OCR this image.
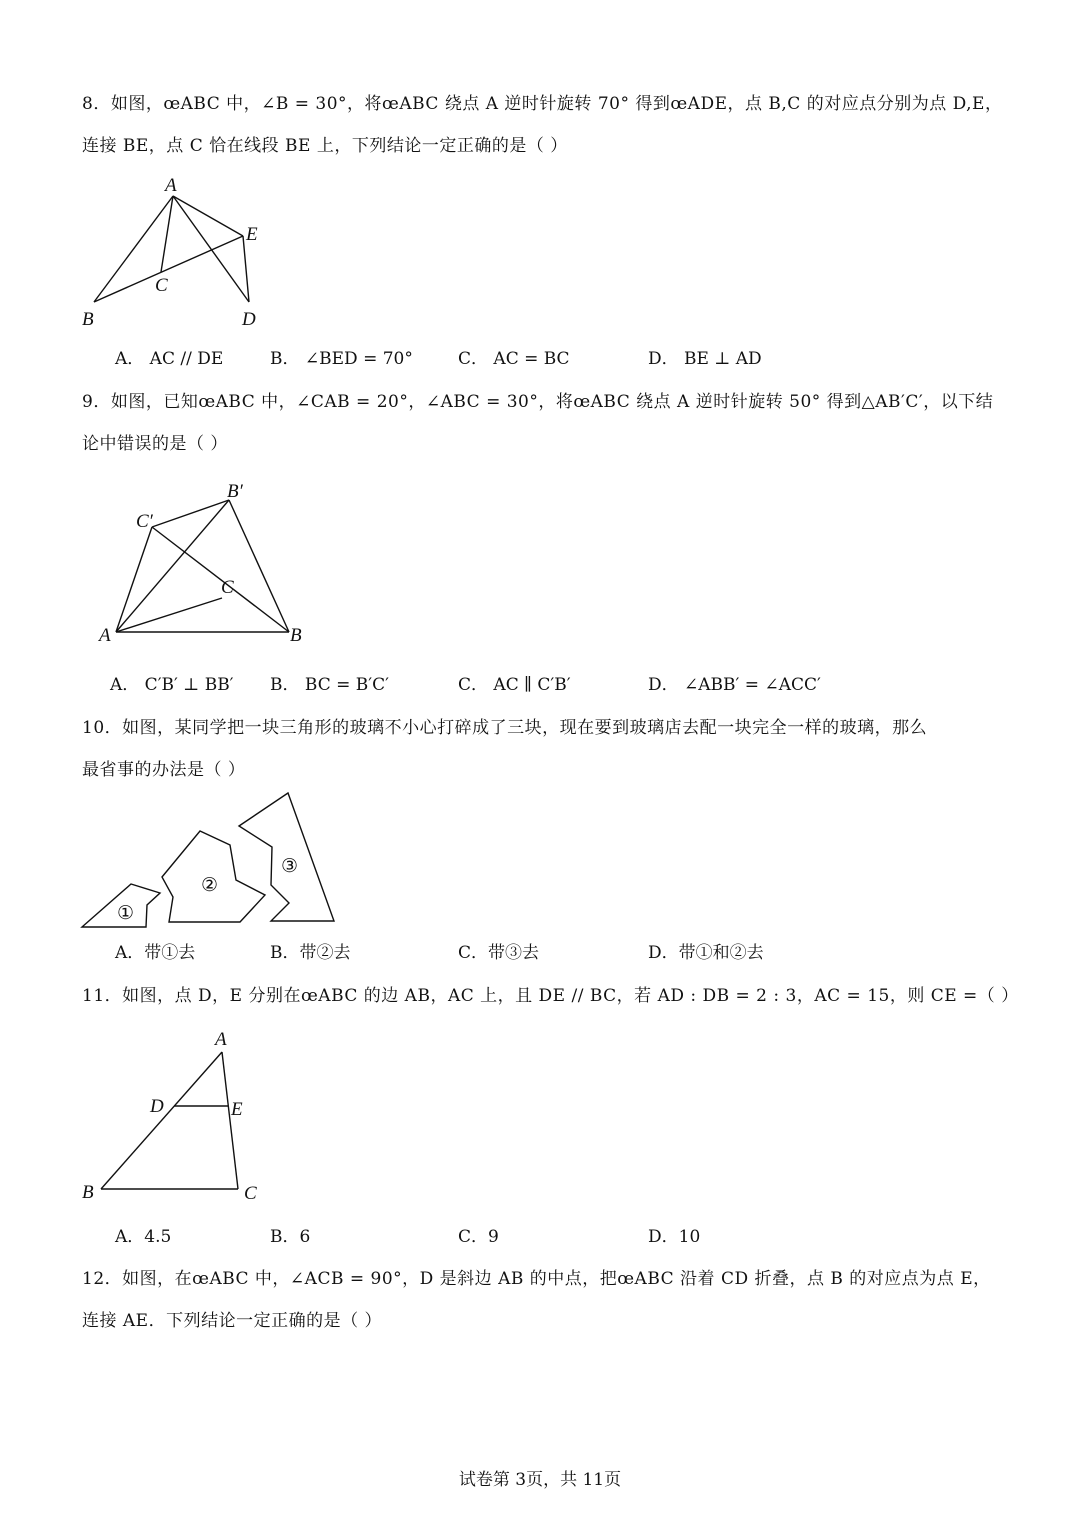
8．如图，œABC 中，∠B = 30°，将œABC 绕点 A 逆时针旋转 70° 得到œADE，点 B,C 的对应点分别为点 D,E，
连接 BE，点 C 恰在线段 BE 上，下列结论一定正确的是（ ）
A
E
C
B	D
A． AC // DE	B． ∠BED = 70°	C． AC = BC	D． BE ⊥ AD
9．如图，已知œABC 中，∠CAB = 20°，∠ABC = 30°，将œABC 绕点 A 逆时针旋转 50° 得到△AB′C′，以下结
论中错误的是（ ）
B′
C′
C
A	B
A． C′B′ ⊥ BB′ B． BC = B′C′	C． AC ∥ C′B′	D． ∠ABB′ = ∠ACC′
10．如图，某同学把一块三角形的玻璃不小心打碎成了三块，现在要到玻璃店去配一块完全一样的玻璃，那么
最省事的办法是（ ）
①
②
③
A．带①去	B．带②去	C．带③去	D．带①和②去
11．如图，点 D，E 分别在œABC 的边 AB，AC 上，且 DE // BC，若 AD : DB = 2 : 3，AC = 15，则 CE =（ ）
A
D	E
B	C
A．4.5	B．6	C．9	D．10
12．如图，在œABC 中，∠ACB = 90°，D 是斜边 AB 的中点，把œABC 沿着 CD 折叠，点 B 的对应点为点 E，
连接 AE．下列结论一定正确的是（ ）
试卷第 3页，共 11页
